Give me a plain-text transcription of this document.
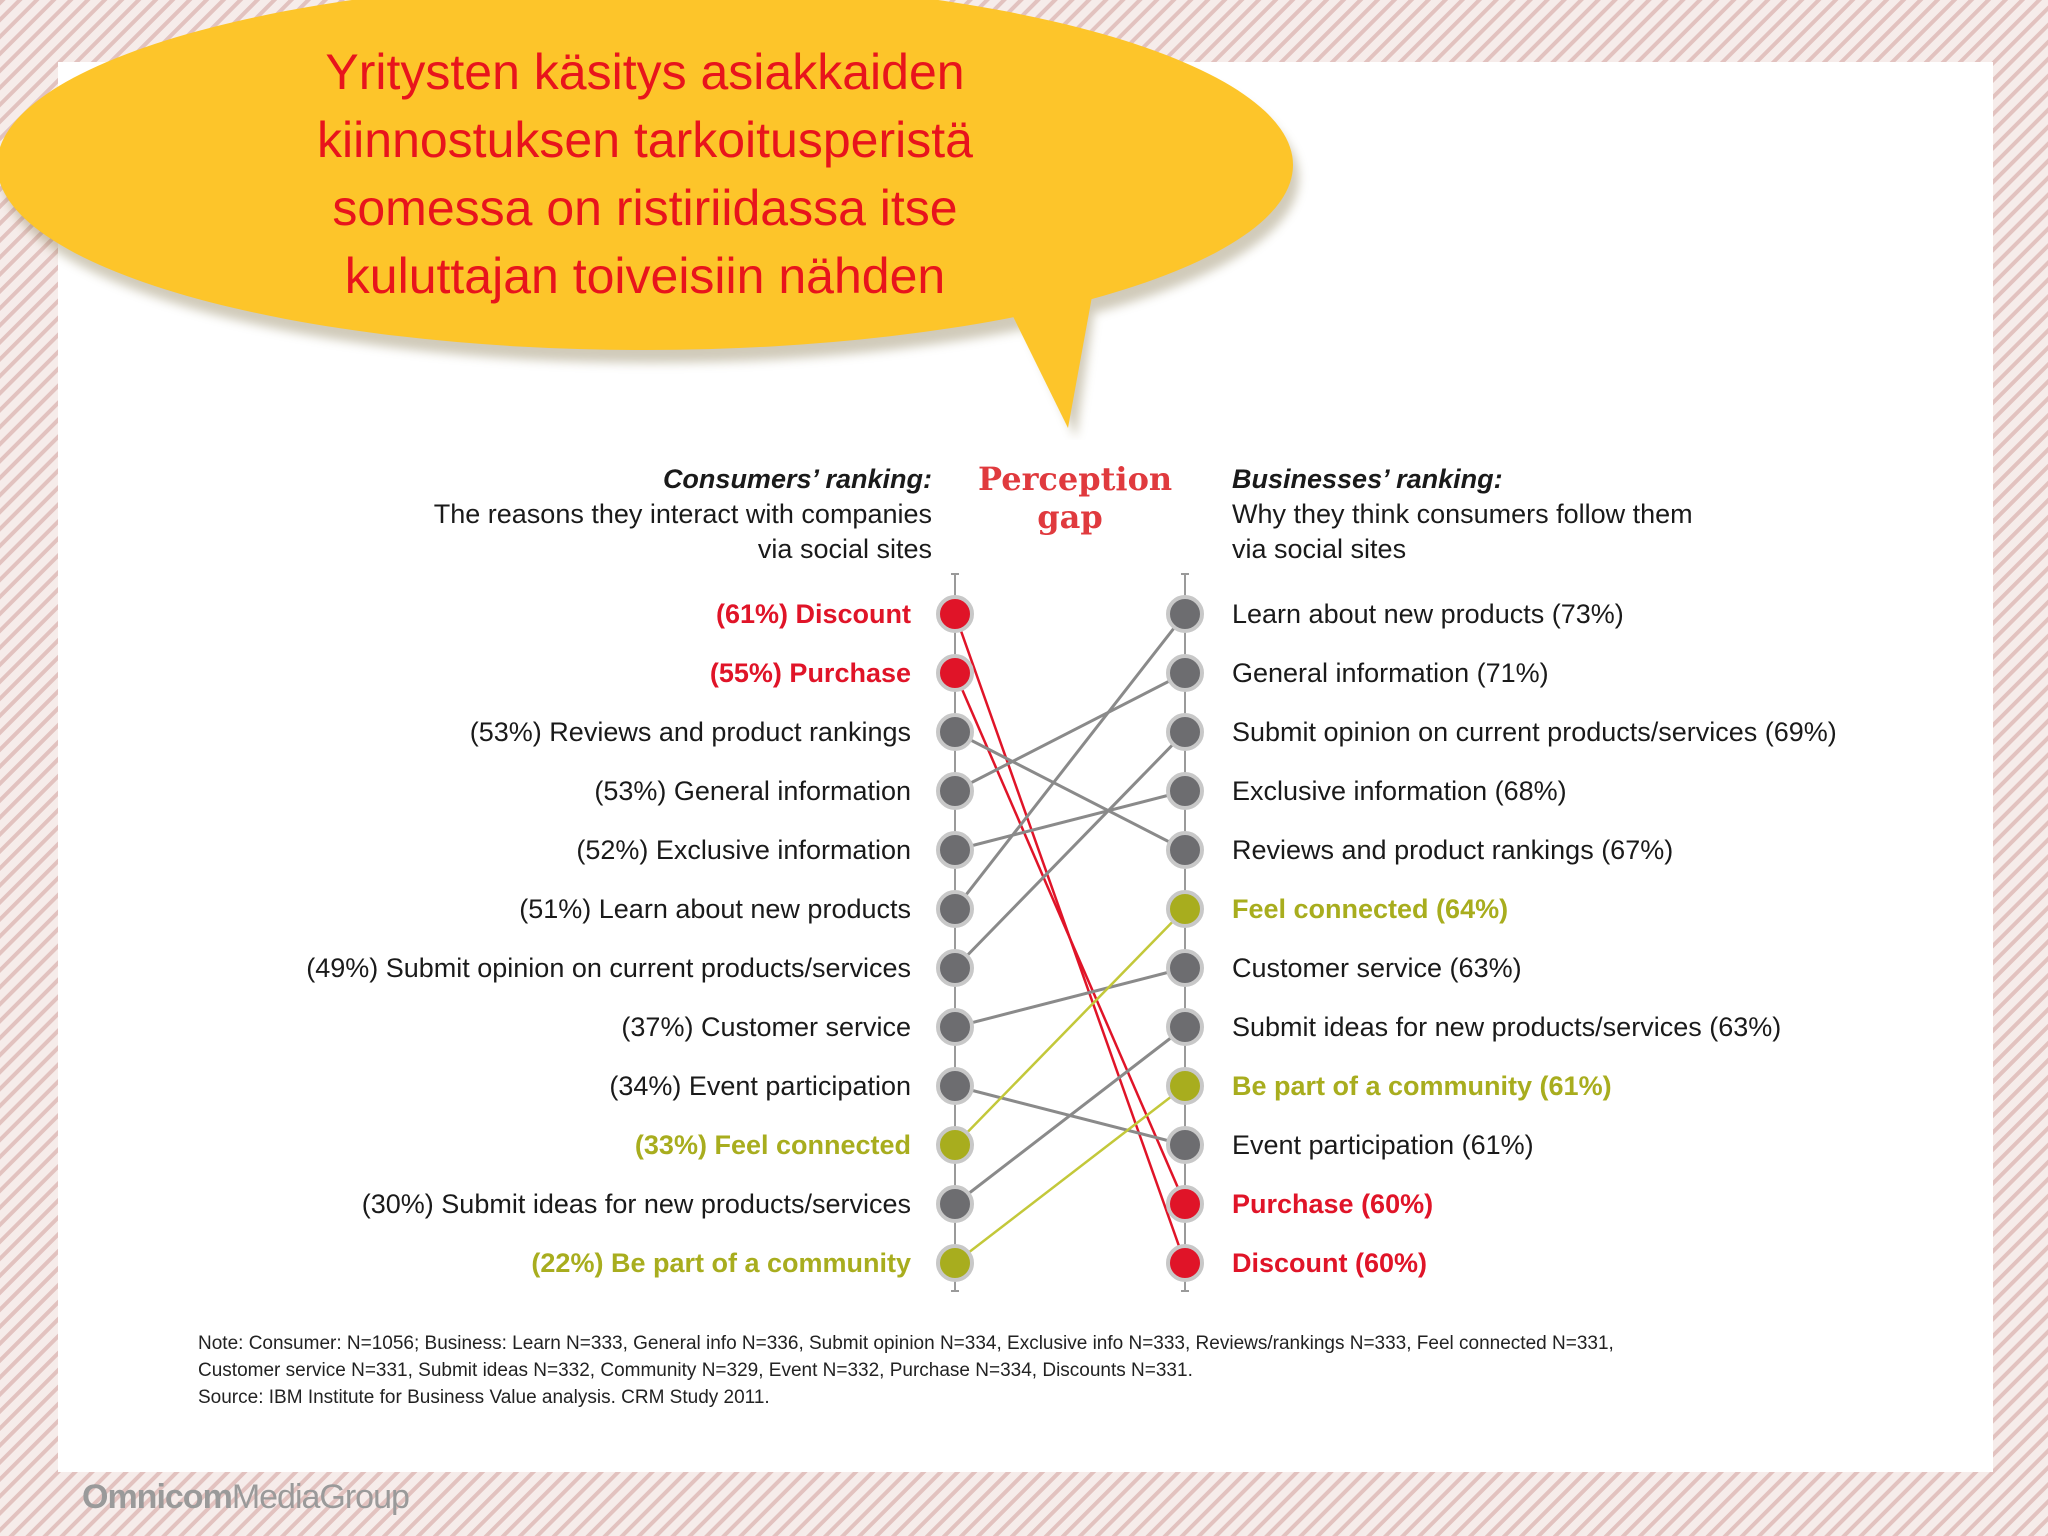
(61%) Discount
Discount (60%)
(55%) Purchase
Purchase (60%)
(53%) Reviews and product rankings
Reviews and product rankings (67%)
(53%) General information
General information (71%)
(52%) Exclusive information
Exclusive information (68%)
(51%) Learn about new products
Learn about new products (73%)
(49%) Submit opinion on current products/services
Submit opinion on current products/services (69%)
(37%) Customer service
Customer service (63%)
(34%) Event participation
Event participation (61%)
(33%) Feel connected
Feel connected (64%)
(30%) Submit ideas for new products/services
Submit ideas for new products/services (63%)
(22%) Be part of a community
Be part of a community (61%)
Yritysten käsitys asiakkaiden
kiinnostuksen tarkoitusperistä
somessa on ristiriidassa itse
kuluttajan toiveisiin nähden
Consumers’ ranking:
The reasons they interact with companies
via social sites
Perception
gap
Businesses’ ranking:
Why they think consumers follow them
via social sites
Note: Consumer: N=1056; Business: Learn N=333, General info N=336, Submit opinion N=334, Exclusive info N=333, Reviews/rankings N=333, Feel connected N=331,
Customer service N=331, Submit ideas N=332, Community N=329, Event N=332, Purchase N=334, Discounts N=331.
Source: IBM Institute for Business Value analysis. CRM Study 2011.
OmnicomMediaGroup
